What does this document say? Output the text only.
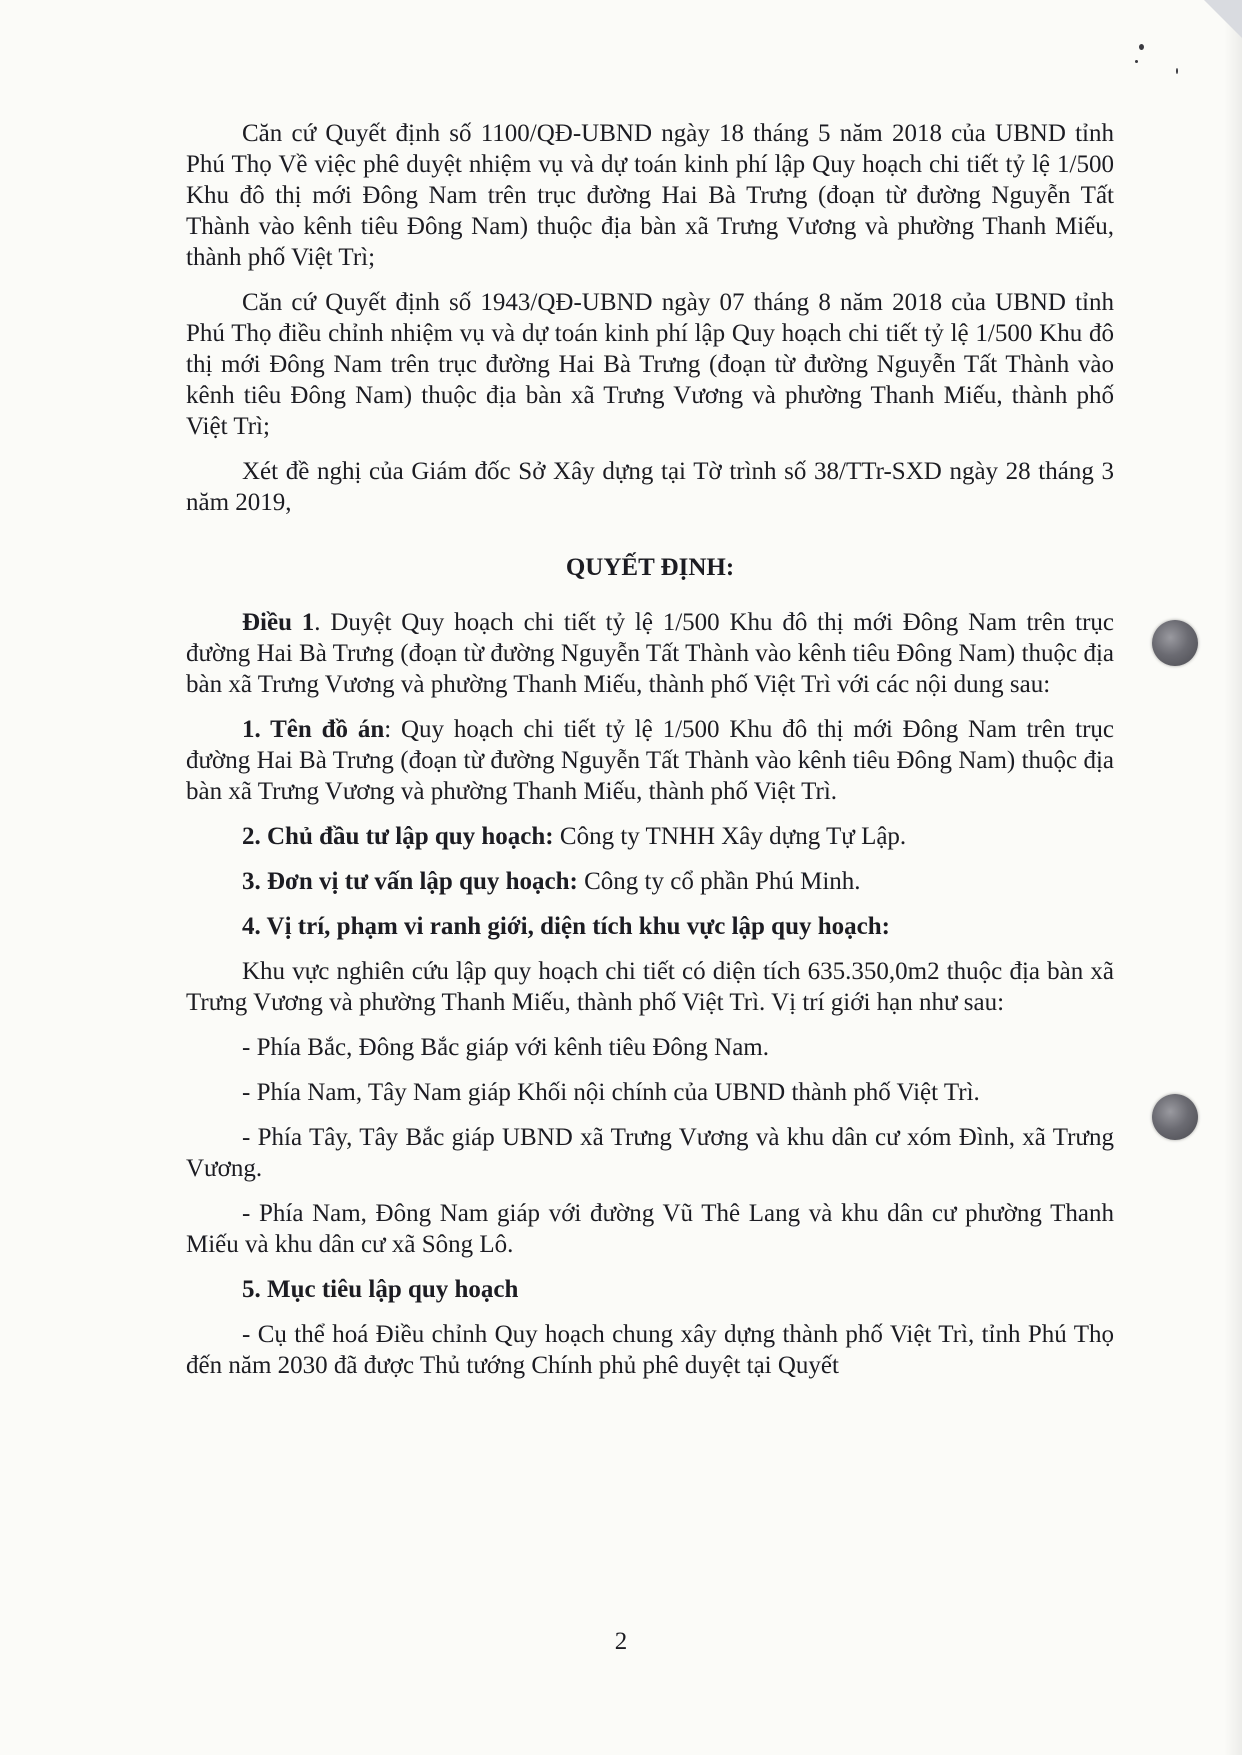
Căn cứ Quyết định số 1100/QĐ-UBND ngày 18 tháng 5 năm 2018 của UBND tỉnh Phú Thọ Về việc phê duyệt nhiệm vụ và dự toán kinh phí lập Quy hoạch chi tiết tỷ lệ 1/500 Khu đô thị mới Đông Nam trên trục đường Hai Bà Trưng (đoạn từ đường Nguyễn Tất Thành vào kênh tiêu Đông Nam) thuộc địa bàn xã Trưng Vương và phường Thanh Miếu, thành phố Việt Trì;

Căn cứ Quyết định số 1943/QĐ-UBND ngày 07 tháng 8 năm 2018 của UBND tỉnh Phú Thọ điều chỉnh nhiệm vụ và dự toán kinh phí lập Quy hoạch chi tiết tỷ lệ 1/500 Khu đô thị mới Đông Nam trên trục đường Hai Bà Trưng (đoạn từ đường Nguyễn Tất Thành vào kênh tiêu Đông Nam) thuộc địa bàn xã Trưng Vương và phường Thanh Miếu, thành phố Việt Trì;

Xét đề nghị của Giám đốc Sở Xây dựng tại Tờ trình số 38/TTr-SXD ngày 28 tháng 3 năm 2019,

QUYẾT ĐỊNH:

Điều 1. Duyệt Quy hoạch chi tiết tỷ lệ 1/500 Khu đô thị mới Đông Nam trên trục đường Hai Bà Trưng (đoạn từ đường Nguyễn Tất Thành vào kênh tiêu Đông Nam) thuộc địa bàn xã Trưng Vương và phường Thanh Miếu, thành phố Việt Trì với các nội dung sau:

1. Tên đồ án: Quy hoạch chi tiết tỷ lệ 1/500 Khu đô thị mới Đông Nam trên trục đường Hai Bà Trưng (đoạn từ đường Nguyễn Tất Thành vào kênh tiêu Đông Nam) thuộc địa bàn xã Trưng Vương và phường Thanh Miếu, thành phố Việt Trì.

2. Chủ đầu tư lập quy hoạch: Công ty TNHH Xây dựng Tự Lập.

3. Đơn vị tư vấn lập quy hoạch: Công ty cổ phần Phú Minh.

4. Vị trí, phạm vi ranh giới, diện tích khu vực lập quy hoạch:

Khu vực nghiên cứu lập quy hoạch chi tiết có diện tích 635.350,0m2 thuộc địa bàn xã Trưng Vương và phường Thanh Miếu, thành phố Việt Trì. Vị trí giới hạn như sau:

- Phía Bắc, Đông Bắc giáp với kênh tiêu Đông Nam.

- Phía Nam, Tây Nam giáp Khối nội chính của UBND thành phố Việt Trì.

- Phía Tây, Tây Bắc giáp UBND xã Trưng Vương và khu dân cư xóm Đình, xã Trưng Vương.

- Phía Nam, Đông Nam giáp với đường Vũ Thê Lang và khu dân cư phường Thanh Miếu và khu dân cư xã Sông Lô.

5. Mục tiêu lập quy hoạch

- Cụ thể hoá Điều chỉnh Quy hoạch chung xây dựng thành phố Việt Trì, tỉnh Phú Thọ đến năm 2030 đã được Thủ tướng Chính phủ phê duyệt tại Quyết

2
